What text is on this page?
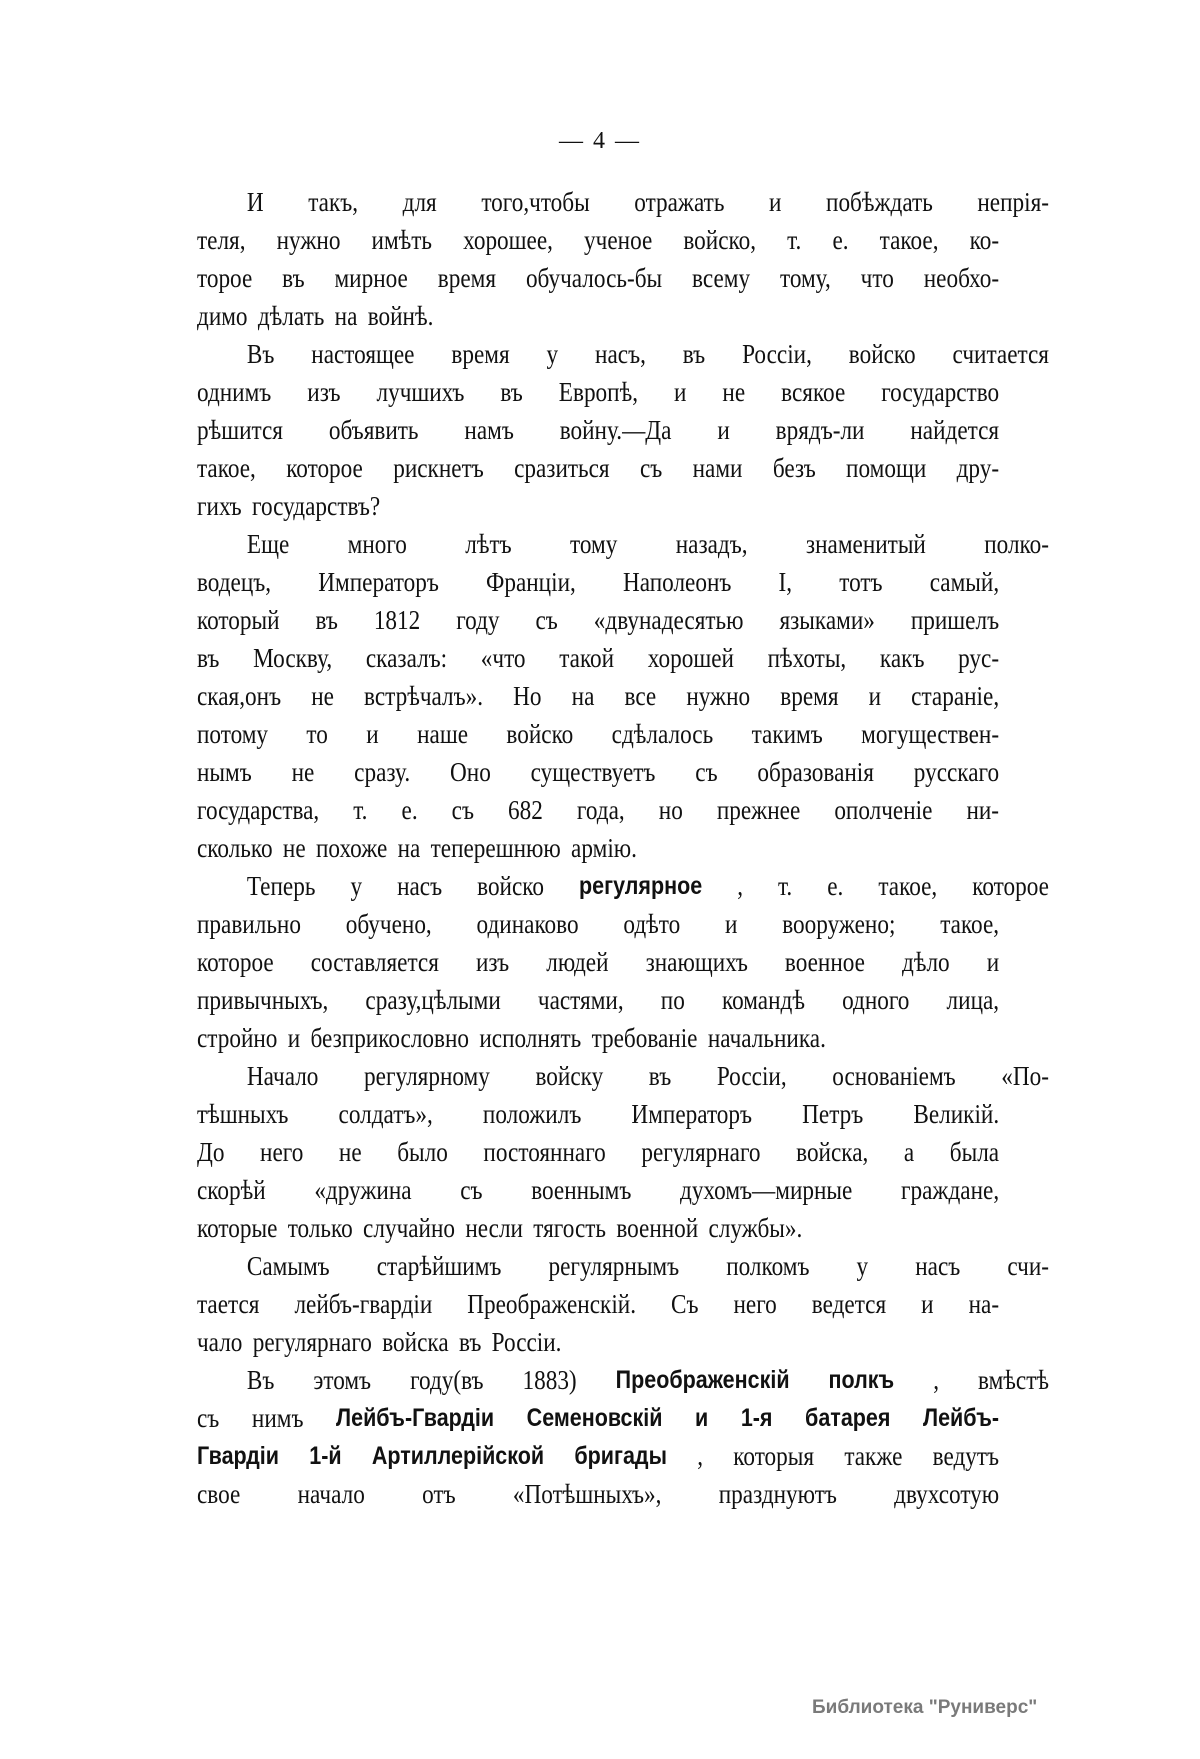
— 4 —
И такъ, для того,чтобы отражать и побѣждать непрія-
теля, нужно имѣть хорошее, ученое войско, т. е. такое, ко-
торое въ мирное время обучалось-бы всему тому, что необхо-
димо дѣлать на войнѣ.
Въ настоящее время у насъ, въ Россіи, войско считается
однимъ изъ лучшихъ въ Европѣ, и не всякое государство
рѣшится объявить намъ войну.—Да и врядъ-ли найдется
такое, которое рискнетъ сразиться съ нами безъ помощи дру-
гихъ государствъ?
Еще много лѣтъ тому назадъ, знаменитый полко-
водецъ, Императоръ Франціи, Наполеонъ I, тотъ самый,
который въ 1812 году съ «двунадесятью языками» пришелъ
въ Москву, сказалъ: «что такой хорошей пѣхоты, какъ рус-
ская,онъ не встрѣчалъ». Но на все нужно время и стараніе,
потому то и наше войско сдѣлалось такимъ могуществен-
нымъ не сразу. Оно существуетъ съ образованія русскаго
государства, т. е. съ 682 года, но прежнее ополченіе ни-
сколько не похоже на теперешнюю армію.
Теперь у насъ войско регулярное , т. е. такое, которое
правильно обучено, одинаково одѣто и вооружено; такое,
которое составляется изъ людей знающихъ военное дѣло и
привычныхъ, сразу,цѣлыми частями, по командѣ одного лица,
стройно и безприкословно исполнять требованіе начальника.
Начало регулярному войску въ Россіи, основаніемъ «По-
тѣшныхъ солдатъ», положилъ Императоръ Петръ Великій.
До него не было постояннаго регулярнаго войска, а была
скорѣй «дружина съ военнымъ духомъ—мирные граждане,
которые только случайно несли тягость военной службы».
Самымъ старѣйшимъ регулярнымъ полкомъ у насъ счи-
тается лейбъ-гвардіи Преображенскій. Съ него ведется и на-
чало регулярнаго войска въ Россіи.
Въ этомъ году(въ 1883) Преображенскій полкъ , вмѣстѣ
съ нимъ Лейбъ-Гвардіи Семеновскій и 1-я батарея Лейбъ-
Гвардіи 1-й Артиллерійской бригады , которыя также ведутъ
свое начало отъ «Потѣшныхъ», празднуютъ двухсотую
Библиотека "Руниверс"
